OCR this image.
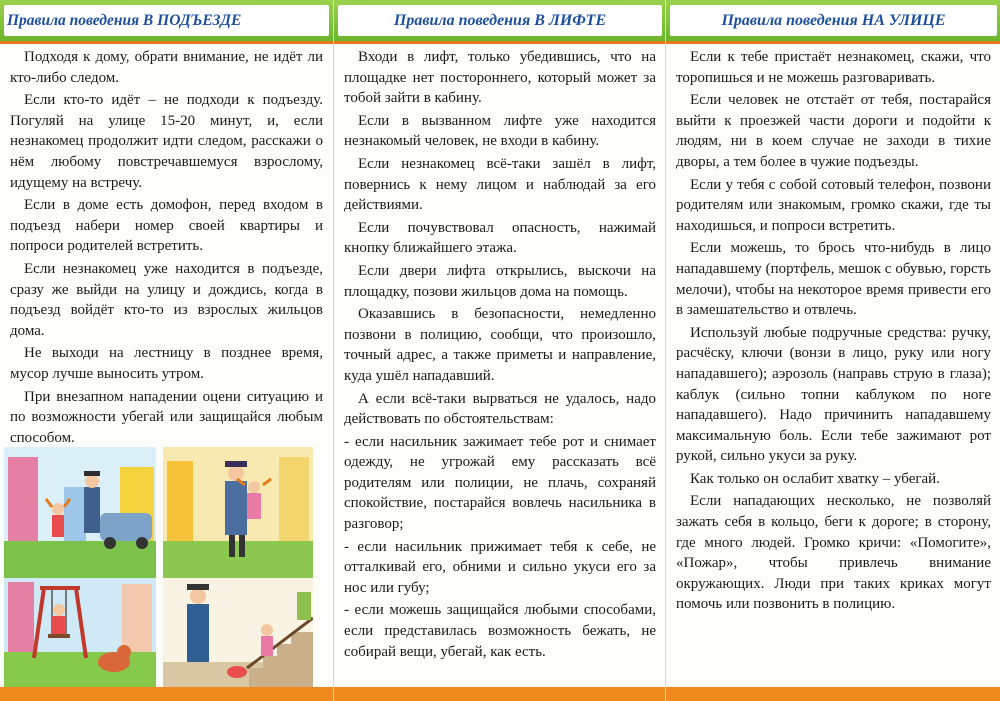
Правила поведения В ПОДЪЕЗДЕ

Подходя к дому, обрати внимание, не идёт ли кто-либо следом.

Если кто-то идёт – не подходи к подъезду. Погуляй на улице 15-20 минут, и, если незнакомец продолжит идти следом, расскажи о нём любому повстречавшемуся взрослому, идущему на встречу.

Если в доме есть домофон, перед входом в подъезд набери номер своей квартиры и попроси родителей встретить.

Если незнакомец уже находится в подъезде, сразу же выйди на улицу и дождись, когда в подъезд войдёт кто-то из взрослых жильцов дома.

Не выходи на лестницу в позднее время, мусор лучше выносить утром.

При внезапном нападении оцени ситуацию и по возможности убегай или защищайся любым способом.

Правила поведения В ЛИФТЕ

Входи в лифт, только убедившись, что на площадке нет постороннего, который может за тобой зайти в кабину.

Если в вызванном лифте уже находится незнакомый человек, не входи в кабину.

Если незнакомец всё-таки зашёл в лифт, повернись к нему лицом и наблюдай за его действиями.

Если почувствовал опасность, нажимай кнопку ближайшего этажа.

Если двери лифта открылись, выскочи на площадку, позови жильцов дома на помощь.

Оказавшись в безопасности, немедленно позвони в полицию, сообщи, что произошло, точный адрес, а также приметы и направление, куда ушёл нападавший.

А если всё-таки вырваться не удалось, надо действовать по обстоятельствам:

- если насильник зажимает тебе рот и снимает одежду, не угрожай ему рассказать всё родителям или полиции, не плачь, сохраняй спокойствие, постарайся вовлечь насильника в разговор;

- если насильник прижимает тебя к себе, не отталкивай его, обними и сильно укуси его за нос или губу;

- если можешь защищайся любыми способами, если представилась возможность бежать, не собирай вещи, убегай, как есть.

Правила поведения НА УЛИЦЕ

Если к тебе пристаёт незнакомец, скажи, что торопишься и не можешь разговаривать.

Если человек не отстаёт от тебя, постарайся выйти к проезжей части дороги и подойти к людям, ни в коем случае не заходи в тихие дворы, а тем более в чужие подъезды.

Если у тебя с собой сотовый телефон, позвони родителям или знакомым, громко скажи, где ты находишься, и попроси встретить.

Если можешь, то брось что-нибудь в лицо нападавшему (портфель, мешок с обувью, горсть мелочи), чтобы на некоторое время привести его в замешательство и отвлечь.

Используй любые подручные средства: ручку, расчёску, ключи (вонзи в лицо, руку или ногу нападавшего); аэрозоль (направь струю в глаза); каблук (сильно топни каблуком по ноге нападавшего). Надо причинить нападавшему максимальную боль. Если тебе зажимают рот рукой, сильно укуси за руку.

Как только он ослабит хватку – убегай.

Если нападающих несколько, не позволяй зажать себя в кольцо, беги к дороге; в сторону, где много людей. Громко кричи: «Помогите», «Пожар», чтобы привлечь внимание окружающих. Люди при таких криках могут помочь или позвонить в полицию.
